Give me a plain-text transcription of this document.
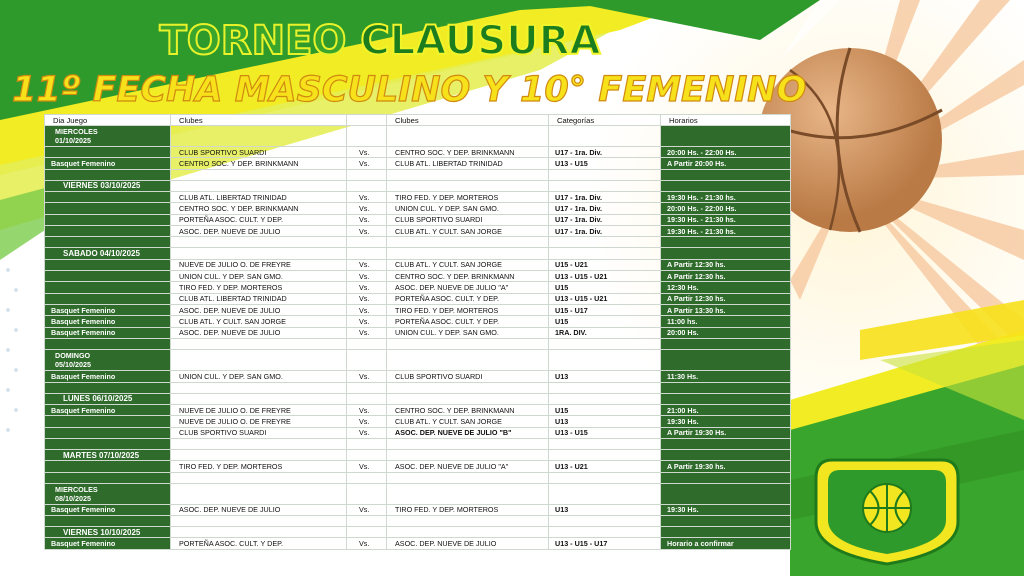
TORNEO CLAUSURA
11º FECHA MASCULINO Y 10° FEMENINO
Dia Juego	Clubes		Clubes	Categorías	Horarios
MIERCOLES
01/10/2025					
	CLUB SPORTIVO SUARDI	Vs.	CENTRO SOC. Y DEP. BRINKMANN	U17 - 1ra. Div.	20:00 Hs. - 22:00 Hs.
Basquet Femenino	CENTRO SOC. Y DEP. BRINKMANN	Vs.	CLUB ATL. LIBERTAD TRINIDAD	U13 - U15	A Partir 20:00 Hs.

VIERNES 03/10/2025					
	CLUB ATL. LIBERTAD TRINIDAD	Vs.	TIRO FED. Y DEP. MORTEROS	U17 - 1ra. Div.	19:30 Hs. - 21:30 hs.
	CENTRO SOC. Y DEP. BRINKMANN	Vs.	UNION CUL. Y DEP. SAN GMO.	U17 - 1ra. Div.	20:00 Hs. - 22:00 Hs.
	PORTEÑA ASOC. CULT. Y DEP.	Vs.	CLUB SPORTIVO SUARDI	U17 - 1ra. Div.	19:30 Hs. - 21:30 hs.
	ASOC. DEP. NUEVE DE JULIO	Vs.	CLUB ATL. Y CULT. SAN JORGE	U17 - 1ra. Div.	19:30 Hs. - 21:30 hs.

SABADO 04/10/2025					
	NUEVE DE JULIO O. DE FREYRE	Vs.	CLUB ATL. Y CULT. SAN JORGE	U15 - U21	A Partir 12:30 hs.
	UNION CUL. Y DEP. SAN GMO.	Vs.	CENTRO SOC. Y DEP. BRINKMANN	U13 - U15 - U21	A Partir 12:30 hs.
	TIRO FED. Y DEP. MORTEROS	Vs.	ASOC. DEP. NUEVE DE JULIO "A"	U15	12:30 Hs.
	CLUB ATL. LIBERTAD TRINIDAD	Vs.	PORTEÑA ASOC. CULT. Y DEP.	U13 - U15 - U21	A Partir 12:30 hs.
Basquet Femenino	ASOC. DEP. NUEVE DE JULIO	Vs.	TIRO FED. Y DEP. MORTEROS	U15 - U17	A Partir 13:30 hs.
Basquet Femenino	CLUB ATL. Y CULT. SAN JORGE	Vs.	PORTEÑA ASOC. CULT. Y DEP.	U15	11:00 hs.
Basquet Femenino	ASOC. DEP. NUEVE DE JULIO	Vs.	UNION CUL. Y DEP. SAN GMO.	1RA. DIV.	20:00 Hs.

DOMINGO
05/10/2025					
Basquet Femenino	UNION CUL. Y DEP. SAN GMO.	Vs.	CLUB SPORTIVO SUARDI	U13	11:30 Hs.

LUNES 06/10/2025					
Basquet Femenino	NUEVE DE JULIO O. DE FREYRE	Vs.	CENTRO SOC. Y DEP. BRINKMANN	U15	21:00 Hs.
	NUEVE DE JULIO O. DE FREYRE	Vs.	CLUB ATL. Y CULT. SAN JORGE	U13	19:30 Hs.
	CLUB SPORTIVO SUARDI	Vs.	ASOC. DEP. NUEVE DE JULIO "B"	U13 - U15	A Partir 19:30 Hs.

MARTES 07/10/2025					
	TIRO FED. Y DEP. MORTEROS	Vs.	ASOC. DEP. NUEVE DE JULIO "A"	U13 - U21	A Partir 19:30 hs.

MIERCOLES
08/10/2025					
Basquet Femenino	ASOC. DEP. NUEVE DE JULIO	Vs.	TIRO FED. Y DEP. MORTEROS	U13	19:30 Hs.

VIERNES 10/10/2025					
Basquet Femenino	PORTEÑA ASOC. CULT. Y DEP.	Vs.	ASOC. DEP. NUEVE DE JULIO	U13 - U15 - U17	Horario a confirmar
